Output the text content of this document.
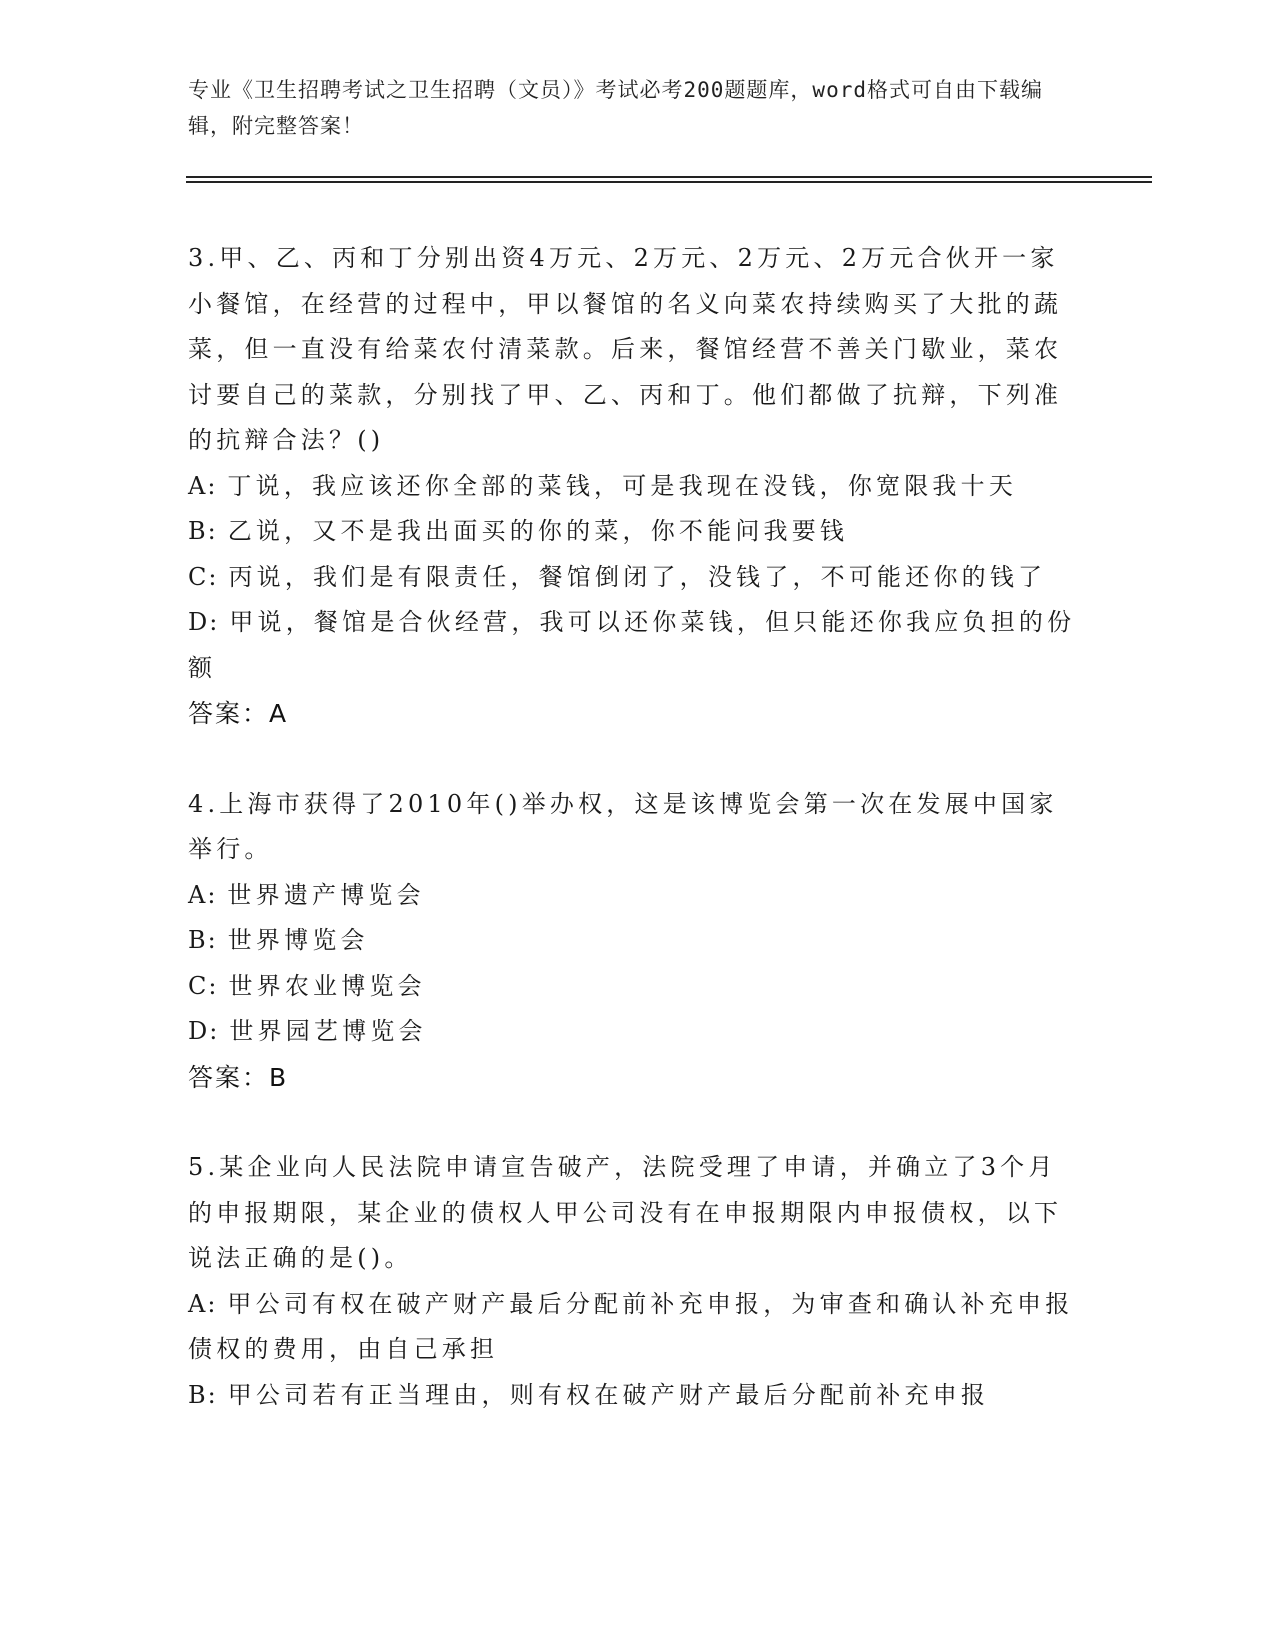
专业《卫生招聘考试之卫生招聘（文员）》考试必考200题题库，word格式可自由下载编辑，附完整答案！
3.甲、乙、丙和丁分别出资4万元、2万元、2万元、2万元合伙开一家小餐馆，在经营的过程中，甲以餐馆的名义向菜农持续购买了大批的蔬菜，但一直没有给菜农付清菜款。后来，餐馆经营不善关门歇业，菜农讨要自己的菜款，分别找了甲、乙、丙和丁。他们都做了抗辩，下列准的抗辩合法？()
A: 丁说，我应该还你全部的菜钱，可是我现在没钱，你宽限我十天
B: 乙说，又不是我出面买的你的菜，你不能问我要钱
C: 丙说，我们是有限责任，餐馆倒闭了，没钱了，不可能还你的钱了
D: 甲说，餐馆是合伙经营，我可以还你菜钱，但只能还你我应负担的份额
答案：A
4.上海市获得了2010年()举办权，这是该博览会第一次在发展中国家举行。
A: 世界遗产博览会
B: 世界博览会
C: 世界农业博览会
D: 世界园艺博览会
答案：B
5.某企业向人民法院申请宣告破产，法院受理了申请，并确立了3个月的申报期限，某企业的债权人甲公司没有在申报期限内申报债权，以下说法正确的是()。
A: 甲公司有权在破产财产最后分配前补充申报，为审查和确认补充申报债权的费用，由自己承担
B: 甲公司若有正当理由，则有权在破产财产最后分配前补充申报
